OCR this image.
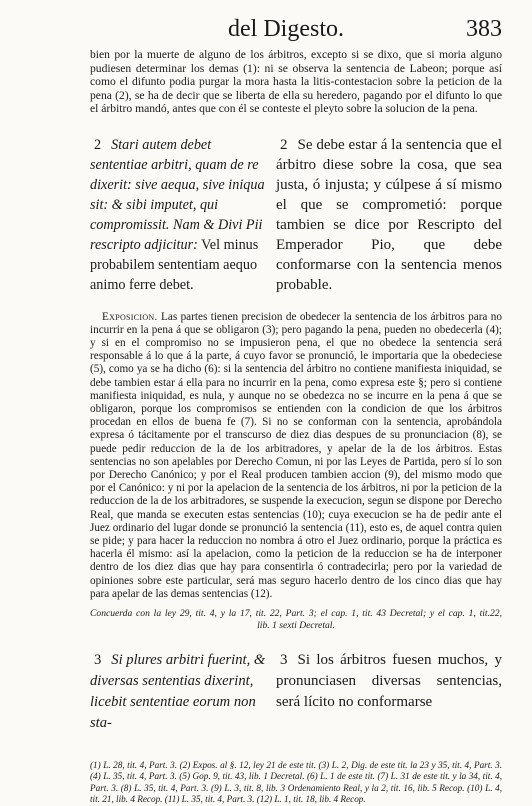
del Digesto.	383

bien por la muerte de alguno de los árbitros, excepto si se dixo, que si moria alguno pudiesen determinar los demas (1): ni se observa la sentencia de Labeon; porque así como el difunto podia purgar la mora hasta la litis-contestacion sobre la peticion de la pena (2), se ha de decir que se liberta de ella su heredero, pagando por el difunto lo que el árbitro mandó, antes que con él se conteste el pleyto sobre la solucion de la pena.

2 Stari autem debet sententiae arbitri, quam de re dixerit: sive aequa, sive iniqua sit: & sibi imputet, qui compromissit. Nam & Divi Pii rescripto adjicitur: Vel minus probabilem sententiam aequo animo ferre debet.
2 Se debe estar á la sentencia que el árbitro diese sobre la cosa, que sea justa, ó injusta; y cúlpese á sí mismo el que se comprometió: porque tambien se dice por Rescripto del Emperador Pio, que debe conformarse con la sentencia menos probable.

Exposicion. Las partes tienen precision de obedecer la sentencia de los árbitros para no incurrir en la pena á que se obligaron (3); pero pagando la pena, pueden no obedecerla (4); y si en el compromiso no se impusieron pena, el que no obedece la sentencia será responsable á lo que á la parte, á cuyo favor se pronunció, le importaria que la obedeciese (5), como ya se ha dicho (6): si la sentencia del árbitro no contiene manifiesta iniquidad, se debe tambien estar á ella para no incurrir en la pena, como expresa este §; pero si contiene manifiesta iniquidad, es nula, y aunque no se obedezca no se incurre en la pena á que se obligaron, porque los compromisos se entienden con la condicion de que los árbitros procedan en ellos de buena fe (7). Si no se conforman con la sentencia, aprobándola expresa ó tácitamente por el transcurso de diez dias despues de su pronunciacion (8), se puede pedir reduccion de la de los arbitradores, y apelar de la de los árbitros. Estas sentencias no son apelables por Derecho Comun, ni por las Leyes de Partida, pero sí lo son por Derecho Canónico; y por el Real producen tambien accion (9), del mismo modo que por el Canónico: y ni por la apelacion de la sentencia de los árbitros, ni por la peticion de la reduccion de la de los arbitradores, se suspende la execucion, segun se dispone por Derecho Real, que manda se executen estas sentencias (10); cuya execucion se ha de pedir ante el Juez ordinario del lugar donde se pronunció la sentencia (11), esto es, de aquel contra quien se pide; y para hacer la reduccion no nombra á otro el Juez ordinario, porque la práctica es hacerla él mismo: así la apelacion, como la peticion de la reduccion se ha de interponer dentro de los diez dias que hay para consentirla ó contradecirla; pero por la variedad de opiniones sobre este particular, será mas seguro hacerlo dentro de los cinco dias que hay para apelar de las demas sentencias (12).

Concuerda con la ley 29, tit. 4, y la 17, tit. 22, Part. 3; el cap. 1, tit. 43 Decretal; y el cap. 1, tit.22,
lib. 1 sexti Decretal.
3 Si plures arbitri fuerint, & diversas sententias dixerint, licebit sententiae eorum non sta-
3 Si los árbitros fuesen muchos, y pronunciasen diversas sentencias, será lícito no conformarse
(1) L. 28, tit. 4, Part. 3. (2) Expos. al §. 12, ley 21 de este tit. (3) L. 2, Dig. de este tit. la 23 y 35, tit. 4, Part. 3. (4) L. 35, tit. 4, Part. 3. (5) Gop. 9, tit. 43, lib. 1 Decretal. (6) L. 1 de este tit. (7) L. 31 de este tit. y la 34, tit. 4, Part. 3. (8) L. 35, tit. 4, Part. 3. (9) L. 3, tit. 8, lib. 3 Ordenamiento Real, y la 2, tit. 16, lib. 5 Recop. (10) L. 4, tit. 21, lib. 4 Recop. (11) L. 35, tit. 4, Part. 3. (12) L. 1, tit. 18, lib. 4 Recop.
